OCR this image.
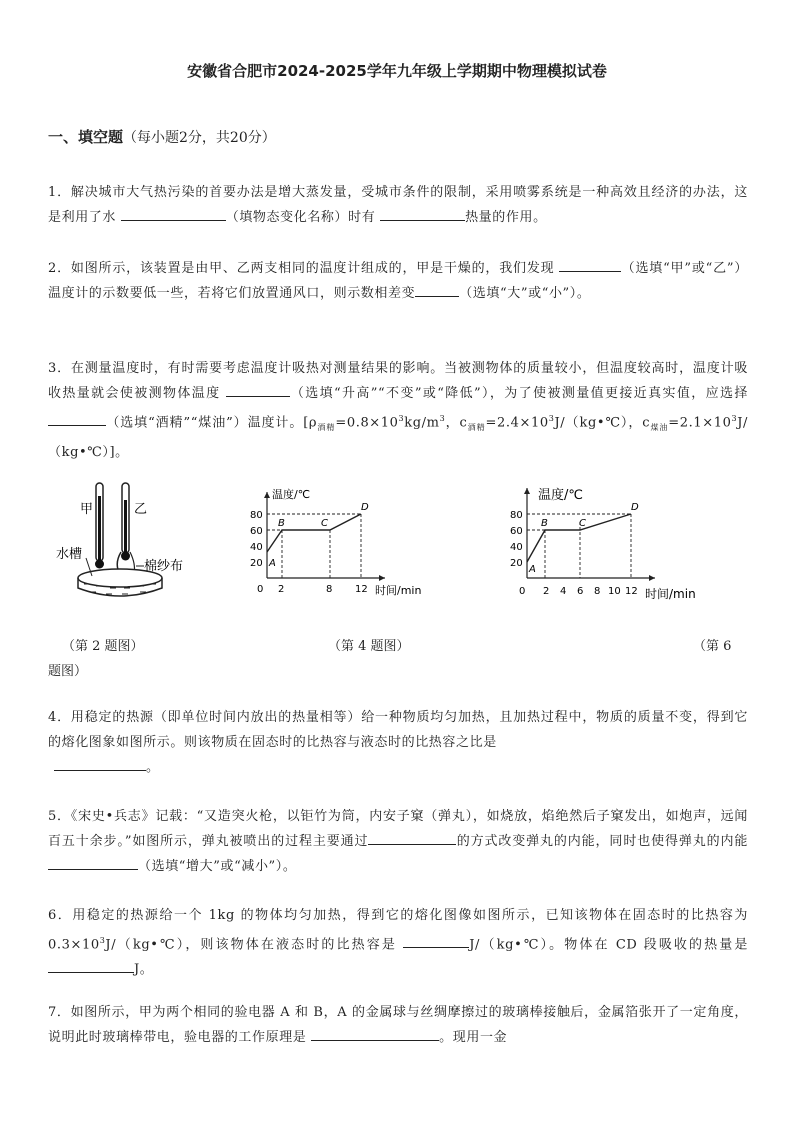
安徽省合肥市2024-2025学年九年级上学期期中物理模拟试卷
一、填空题（每小题2分，共20分）
1．解决城市大气热污染的首要办法是增大蒸发量，受城市条件的限制，采用喷雾系统是一种高效且经济的办法，这是利用了水	（填物态变化名称）时有	热量的作用。
2．如图所示，该装置是由甲、乙两支相同的温度计组成的，甲是干燥的，我们发现	（选填“甲”或“乙”）温度计的示数要低一些，若将它们放置通风口，则示数相差变	（选填“大”或“小”）。
3．在测量温度时，有时需要考虑温度计吸热对测量结果的影响。当被测物体的质量较小，但温度较高时，温度计吸收热量就会使被测物体温度	（选填“升高”“不变”或“降低”），为了使被测量值更接近真实值，应选择（选填“酒精”“煤油”）温度计。[$\rho_{酒精}=0.8\times 10^3kg/m^3$，$c_{酒精}=2.4\times 10^3J/(kg•℃)$，$c_{煤油}=2.1\times 10^3J/(kg•℃)$]。
甲	乙
水槽
棉纱布
温度/℃
时间/min
80
60
40
20
0 2	8 12
A
B	C
D
温度/℃
时间/min
80
60
40
20
0 2 4 6 8 10 12
A
B	C
D
（第 2 题图）	（第 4 题图）	（第 6
题图）
4．用稳定的热源（即单位时间内放出的热量相等）给一种物质均匀加热，且加热过程中，物质的质量不变，得到它的熔化图象如图所示。则该物质在固态时的比热容与液态时的比热容之比是
。
5．《宋史•兵志》记载：“又造突火枪，以钜竹为筒，内安子窠（弹丸），如烧放，焰绝然后子窠发出，如炮声，远闻百五十余步。”如图所示，弹丸被喷出的过程主要通过	的方式改变弹丸的内能，同时也使得弹丸的内能（选填“增大”或“减小”）。
6．用稳定的热源给一个 1kg 的物体均匀加热，得到它的熔化图像如图所示，已知该物体在固态时的比热容为 $0.3\times 10^3J/(kg•℃)$，则该物体在液态时的比热容是	J/（kg•℃）。物体在 CD 段吸收的热量是 J。
7．如图所示，甲为两个相同的验电器 A 和 B，A 的金属球与丝绸摩擦过的玻璃棒接触后，金属箔张开了一定角度，说明此时玻璃棒带电，验电器的工作原理是	。现用一金
